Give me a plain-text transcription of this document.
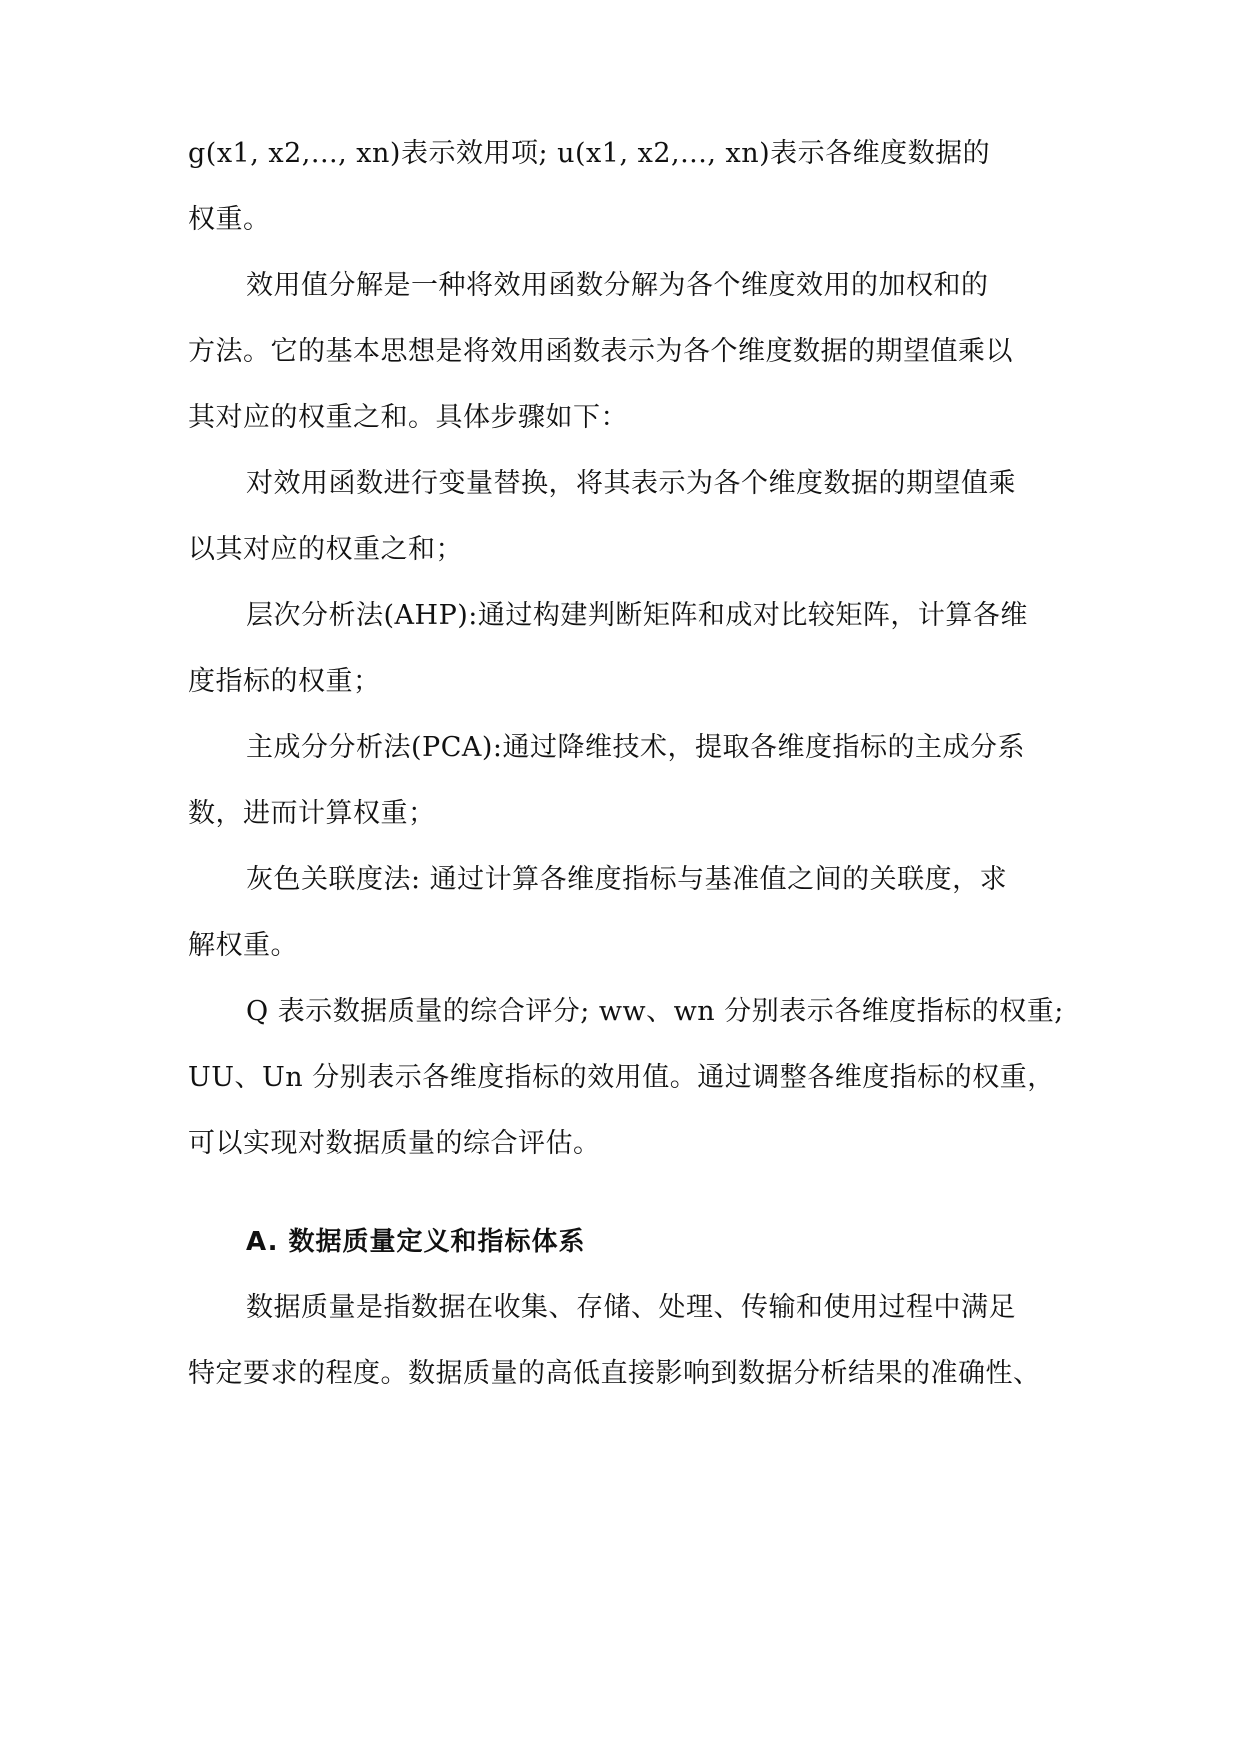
g(x1, x2,..., xn)表示效用项; u(x1, x2,..., xn)表示各维度数据的
权重。
效用值分解是一种将效用函数分解为各个维度效用的加权和的
方法。它的基本思想是将效用函数表示为各个维度数据的期望值乘以
其对应的权重之和。具体步骤如下：
对效用函数进行变量替换，将其表示为各个维度数据的期望值乘
以其对应的权重之和；
层次分析法(AHP):通过构建判断矩阵和成对比较矩阵，计算各维
度指标的权重；
主成分分析法(PCA):通过降维技术，提取各维度指标的主成分系
数，进而计算权重；
灰色关联度法: 通过计算各维度指标与基准值之间的关联度，求
解权重。
Q 表示数据质量的综合评分; ww、wn 分别表示各维度指标的权重;
UU、Un 分别表示各维度指标的效用值。通过调整各维度指标的权重，
可以实现对数据质量的综合评估。
A. 数据质量定义和指标体系
数据质量是指数据在收集、存储、处理、传输和使用过程中满足
特定要求的程度。数据质量的高低直接影响到数据分析结果的准确性、
